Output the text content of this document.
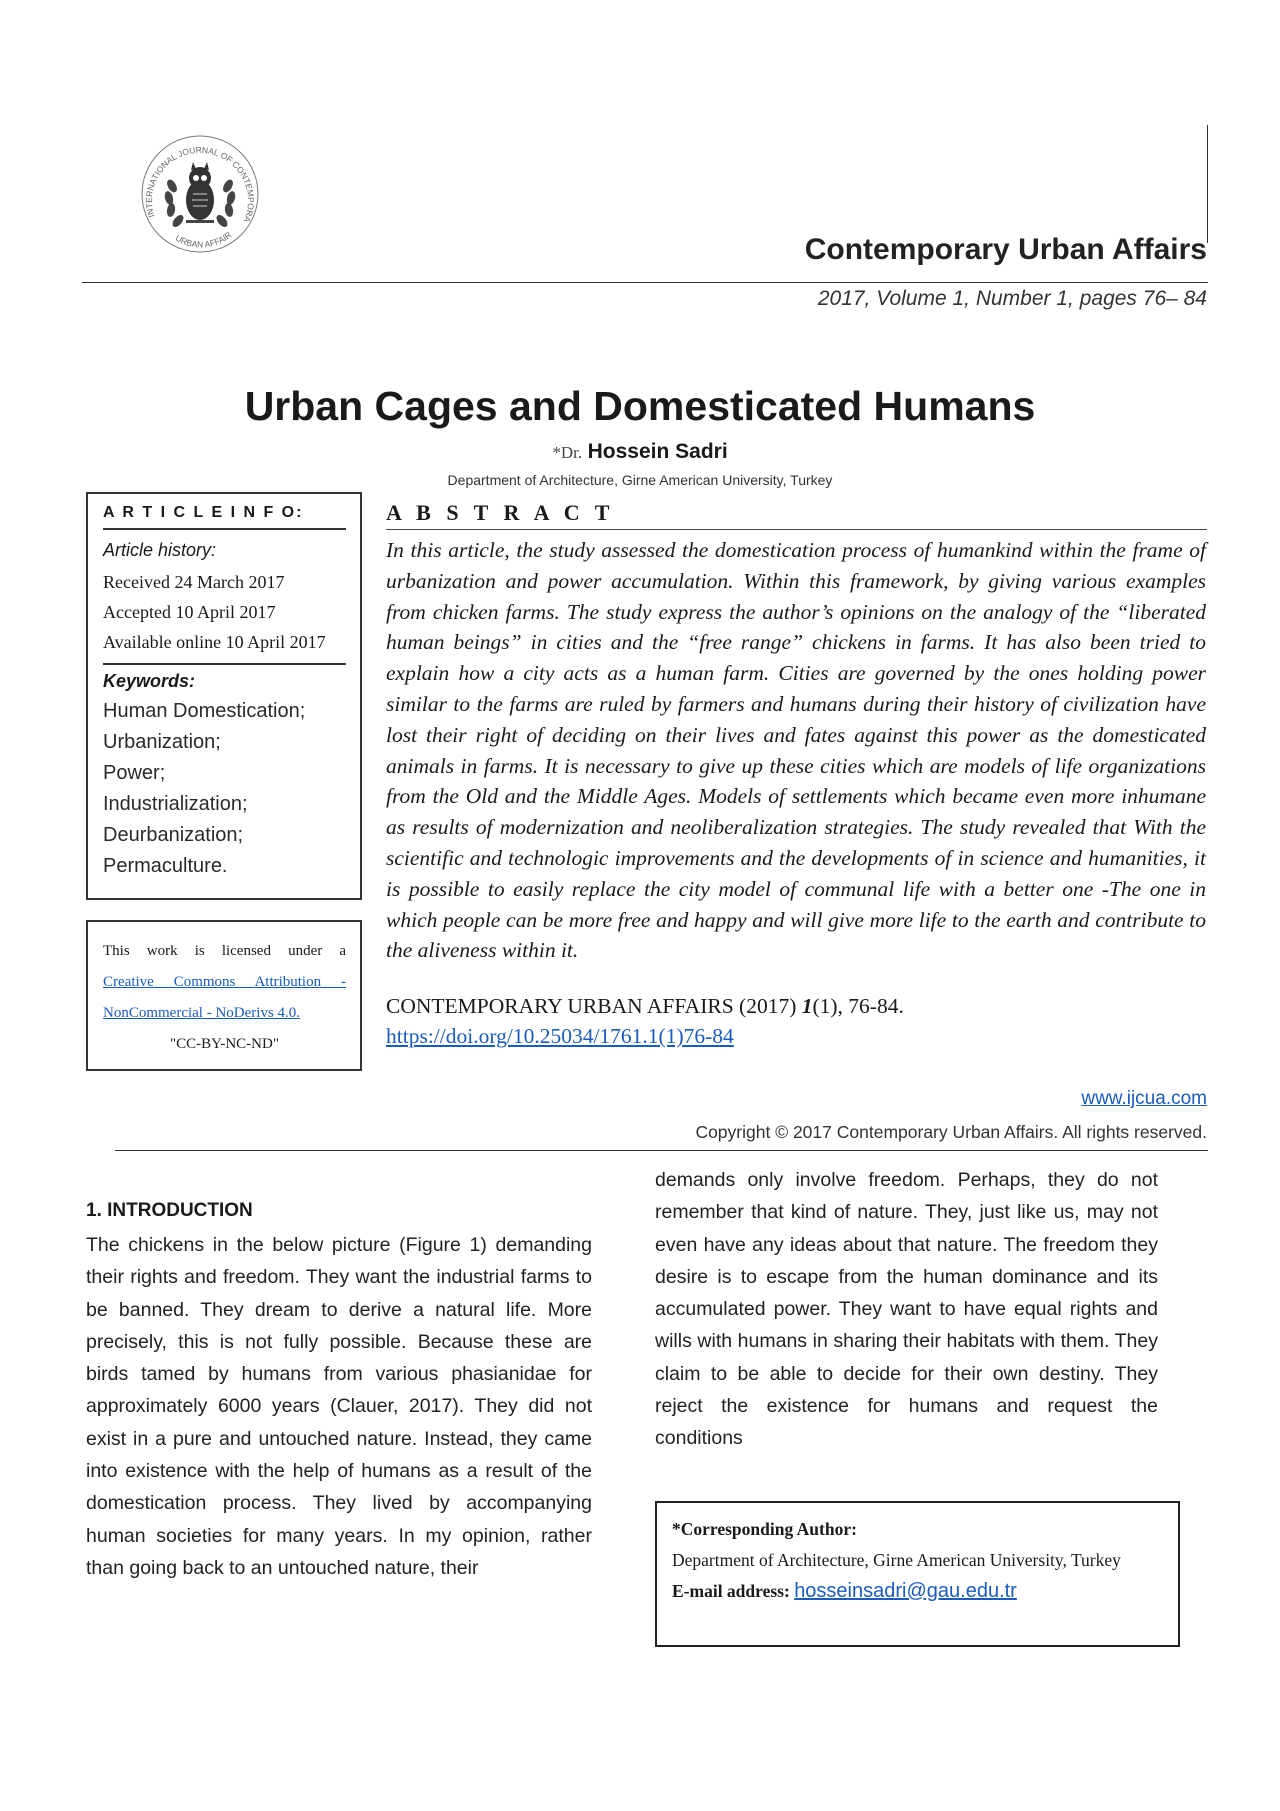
INTERNATIONAL JOURNAL OF CONTEMPORA
URBAN AFFAIR	Contemporary Urban Affairs
2017, Volume 1, Number 1, pages 76– 84
Urban Cages and Domesticated Humans
*Dr. Hossein Sadri
Department of Architecture, Girne American University, Turkey
A R T I C L E I N F O:
Article history:
Received 24 March 2017
Accepted 10 April 2017
Available online 10 April 2017
Keywords:
Human Domestication;
Urbanization;
Power;
Industrialization;
Deurbanization;
Permaculture.
This work is licensed under a
Creative Commons Attribution -
NonCommercial - NoDerivs 4.0.
"CC-BY-NC-ND"
A B S T R A C T
In this article, the study assessed the domestication process of humankind within the frame of urbanization and power accumulation. Within this framework, by giving various examples from chicken farms. The study express the author’s opinions on the analogy of the “liberated human beings” in cities and the “free range” chickens in farms. It has also been tried to explain how a city acts as a human farm. Cities are governed by the ones holding power similar to the farms are ruled by farmers and humans during their history of civilization have lost their right of deciding on their lives and fates against this power as the domesticated animals in farms. It is necessary to give up these cities which are models of life organizations from the Old and the Middle Ages. Models of settlements which became even more inhumane as results of modernization and neoliberalization strategies. The study revealed that With the scientific and technologic improvements and the developments of in science and humanities, it is possible to easily replace the city model of communal life with a better one -The one in which people can be more free and happy and will give more life to the earth and contribute to the aliveness within it.
CONTEMPORARY URBAN AFFAIRS (2017) 1(1), 76-84.
https://doi.org/10.25034/1761.1(1)76-84
www.ijcua.com
Copyright © 2017 Contemporary Urban Affairs. All rights reserved.
1. INTRODUCTION
The chickens in the below picture (Figure 1) demanding their rights and freedom. They want the industrial farms to be banned. They dream to derive a natural life. More precisely, this is not fully possible. Because these are birds tamed by humans from various phasianidae for approximately 6000 years (Clauer, 2017). They did not exist in a pure and untouched nature. Instead, they came into existence with the help of humans as a result of the domestication process. They lived by accompanying human societies for many years. In my opinion, rather than going back to an untouched nature, their
demands only involve freedom. Perhaps, they do not remember that kind of nature. They, just like us, may not even have any ideas about that nature. The freedom they desire is to escape from the human dominance and its accumulated power. They want to have equal rights and wills with humans in sharing their habitats with them. They claim to be able to decide for their own destiny. They reject the existence for humans and request the conditions
*Corresponding Author:
Department of Architecture, Girne American University, Turkey
E-mail address: hosseinsadri@gau.edu.tr
